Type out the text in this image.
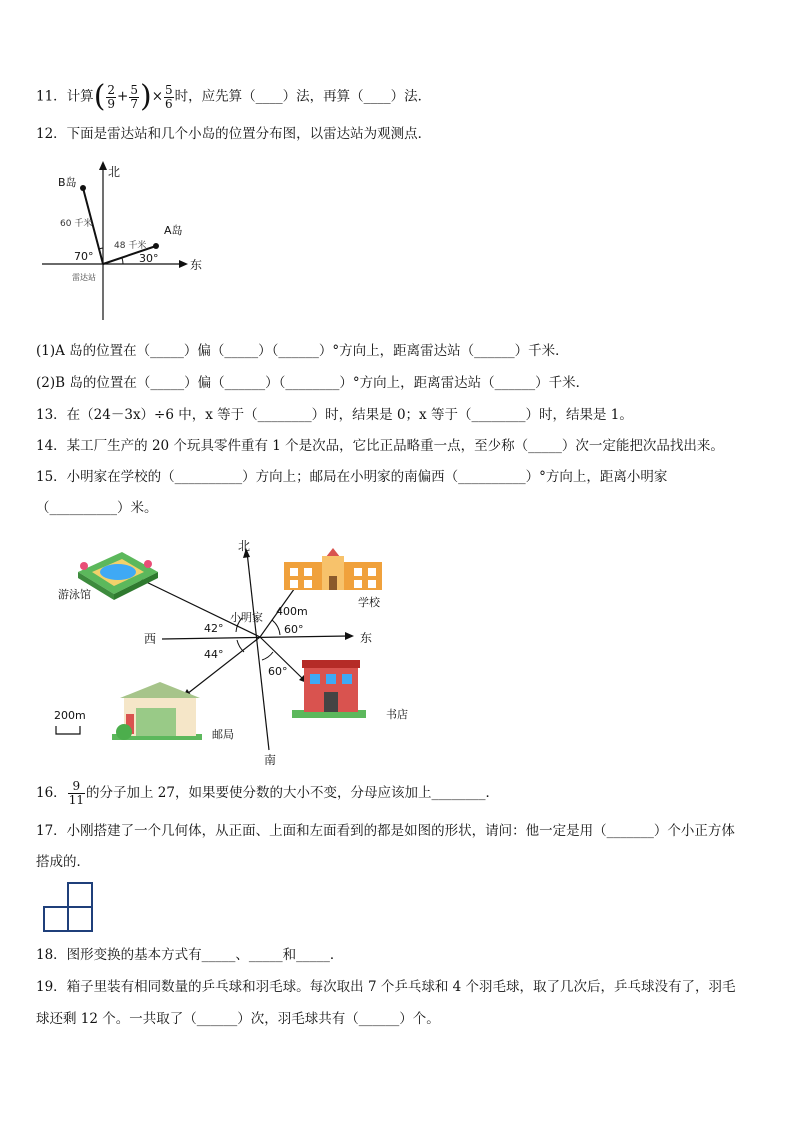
11．计算( $\frac{2}{9} + \frac{5}{7}$ )× $\frac{5}{6}$ 时，应先算（____）法，再算（____）法．
12．下面是雷达站和几个小岛的位置分布图，以雷达站为观测点．
北
东
B岛
A岛
60 千米
48 千米
70°	30°
雷达站
(1)A 岛的位置在（_____）偏（_____）（______）°方向上，距离雷达站（______）千米．
(2)B 岛的位置在（_____）偏（______）（________）°方向上，距离雷达站（______）千米．
13．在（24－3x）÷6 中，x 等于（________）时，结果是 0；x 等于（________）时，结果是 1。
14．某工厂生产的 20 个玩具零件重有 1 个是次品，它比正品略重一点，至少称（_____）次一定能把次品找出来。
15．小明家在学校的（__________）方向上；邮局在小明家的南偏西（__________）°方向上，距离小明家
（__________）米。
北
南
东
西
小明家
游泳馆
学校
书店
邮局
400m
42°	60°
44°
60°
200m
16． $\frac{9}{11}$ 的分子加上 27，如果要使分数的大小不变，分母应该加上________．
17．小刚搭建了一个几何体，从正面、上面和左面看到的都是如图的形状，请问：他一定是用（_______）个小正方体
搭成的．
18．图形变换的基本方式有_____、_____和_____．
19．箱子里装有相同数量的乒乓球和羽毛球。每次取出 7 个乒乓球和 4 个羽毛球，取了几次后，乒乓球没有了，羽毛
球还剩 12 个。一共取了（______）次，羽毛球共有（______）个。
